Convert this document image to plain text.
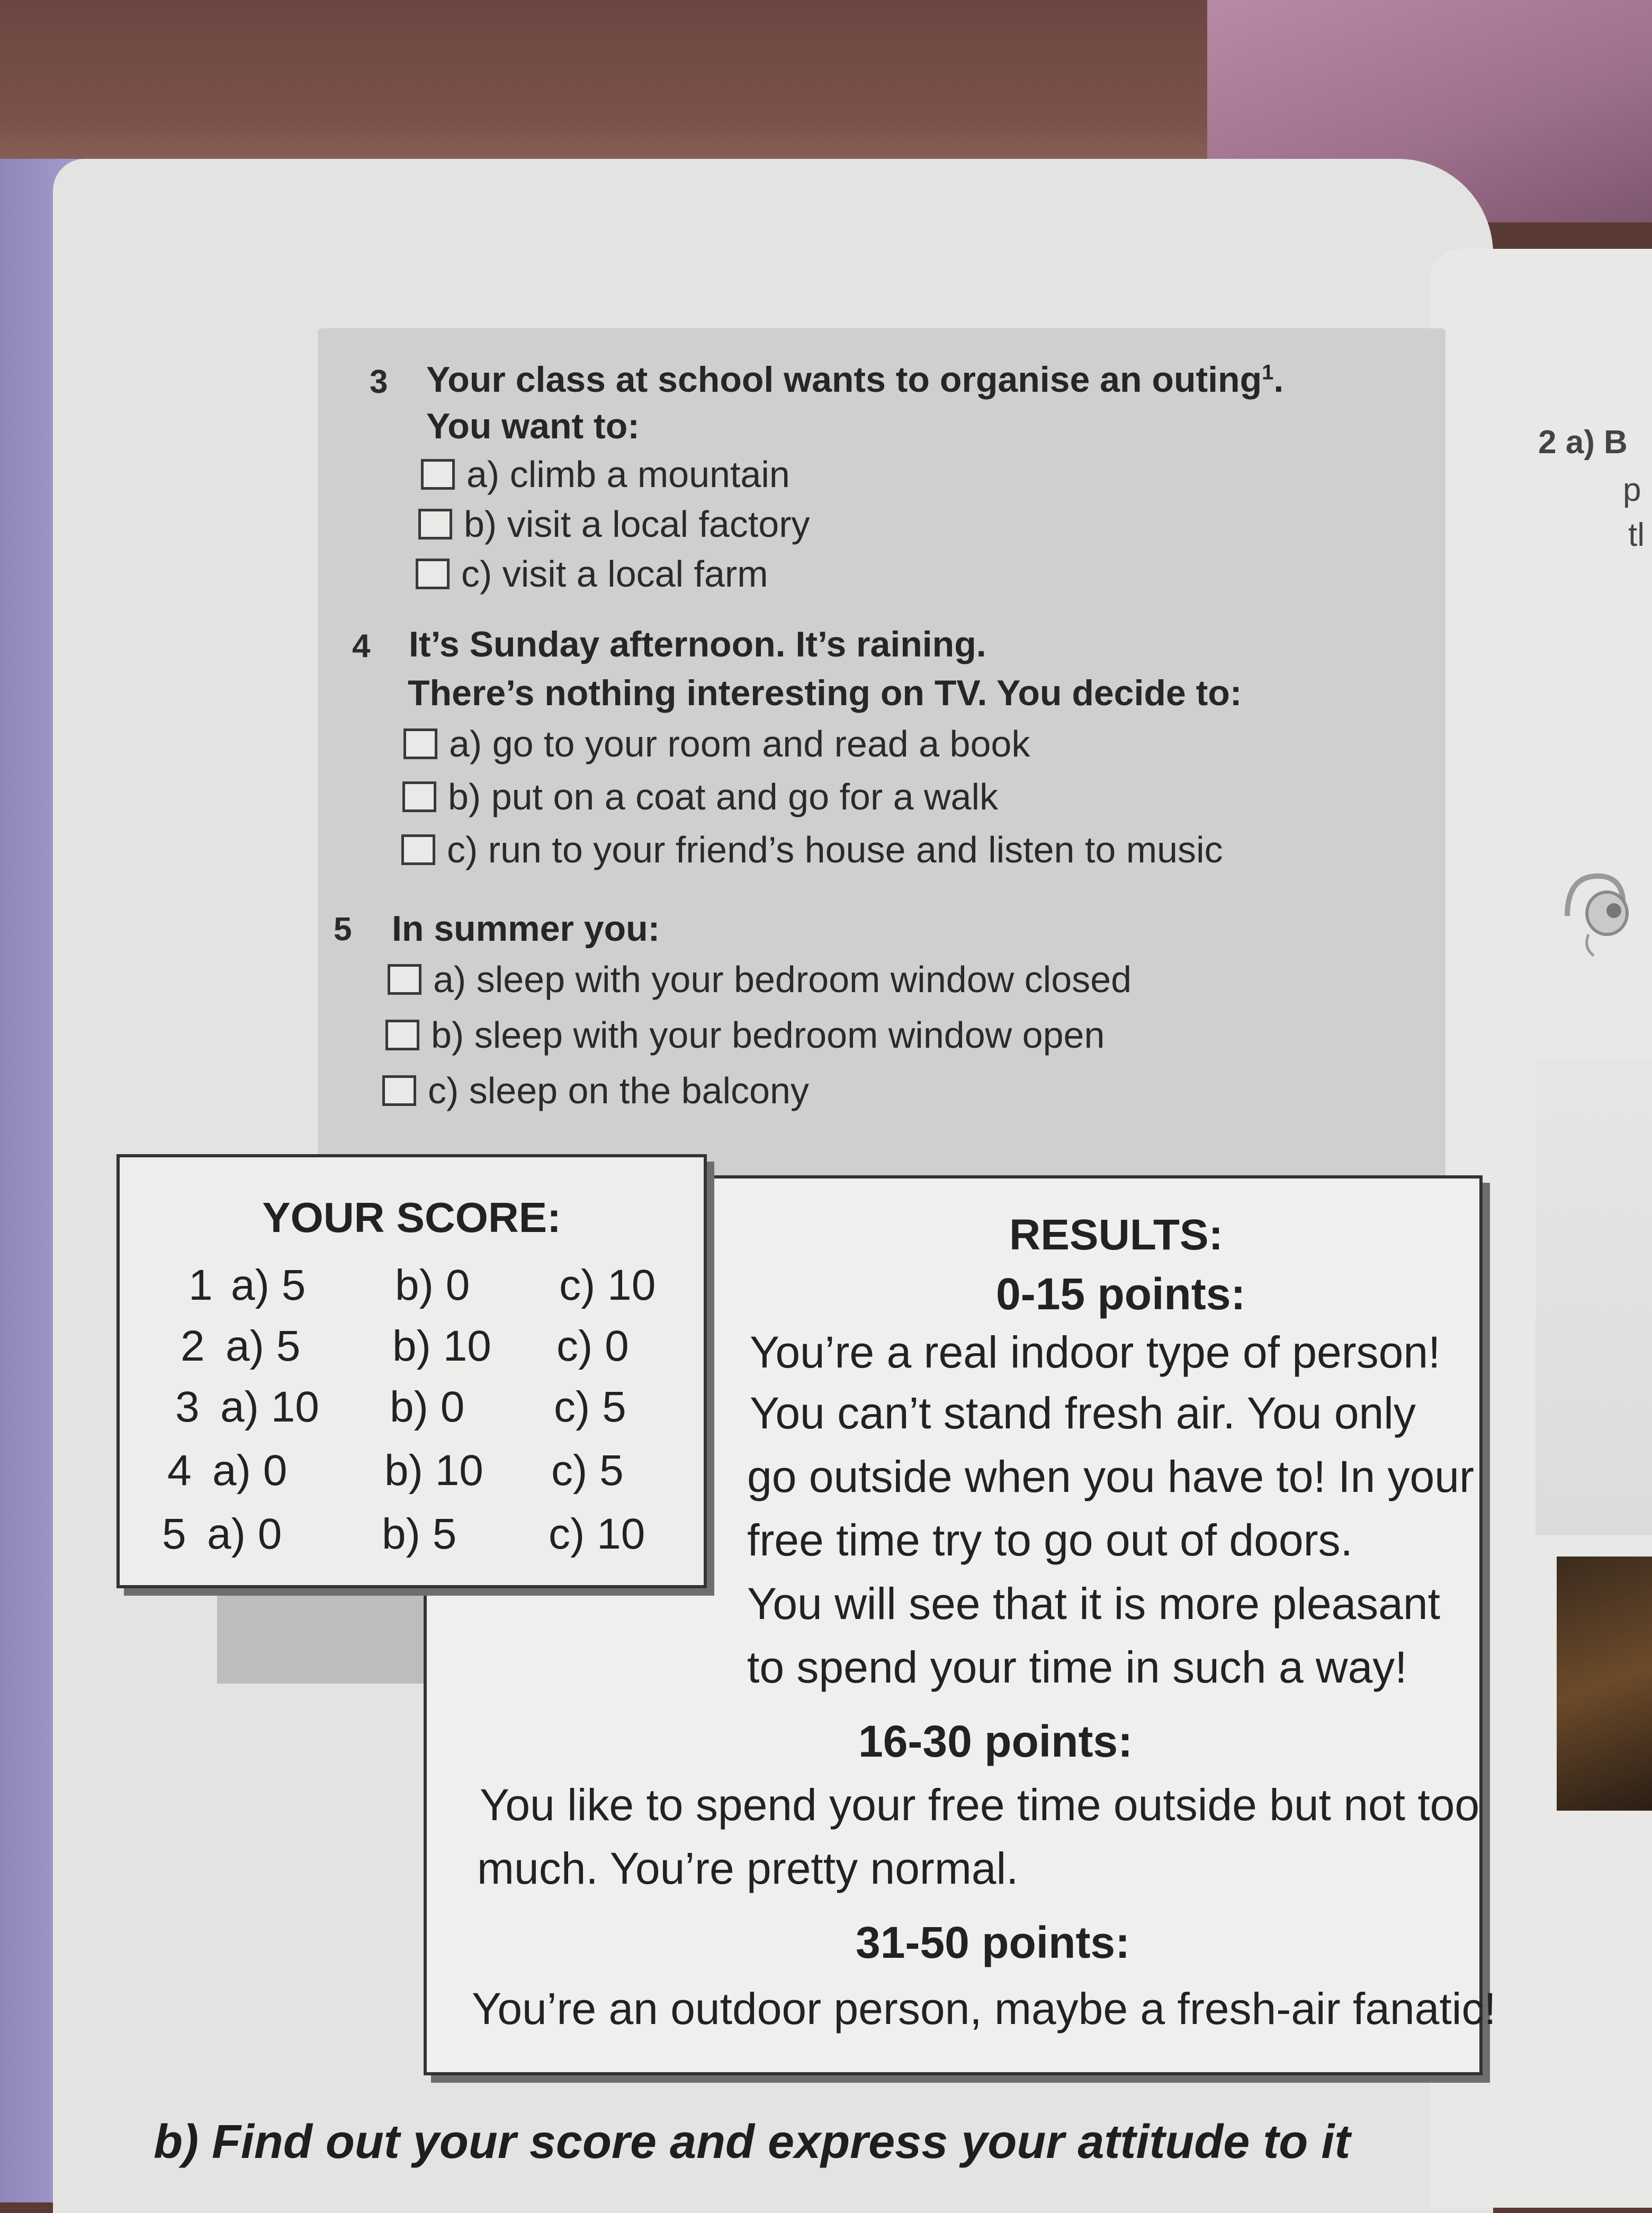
2 a) B
p
tl
3 Your class at school wants to organise an outing$^1$.
You want to:
a) climb a mountain
b) visit a local factory
c) visit a local farm
4 It’s Sunday afternoon. It’s raining.
There’s nothing interesting on TV. You decide to:
a) go to your room and read a book
b) put on a coat and go for a walk
c) run to your friend’s house and listen to music
5 In summer you:
a) sleep with your bedroom window closed
b) sleep with your bedroom window open
c) sleep on the balcony
RESULTS:
0-15 points:
You’re a real indoor type of person!
You can’t stand fresh air. You only
go outside when you have to! In your
free time try to go out of doors.
You will see that it is more pleasant
to spend your time in such a way!
16-30 points:
You like to spend your free time outside but not too
much. You’re pretty normal.
31-50 points:
You’re an outdoor person, maybe a fresh-air fanatic!
YOUR SCORE:
1 a) 5 b) 0 c) 10
2 a) 5 b) 10 c) 0
3 a) 10 b) 0 c) 5
4 a) 0 b) 10 c) 5
5 a) 0 b) 5 c) 10
b) Find out your score and express your attitude to it
